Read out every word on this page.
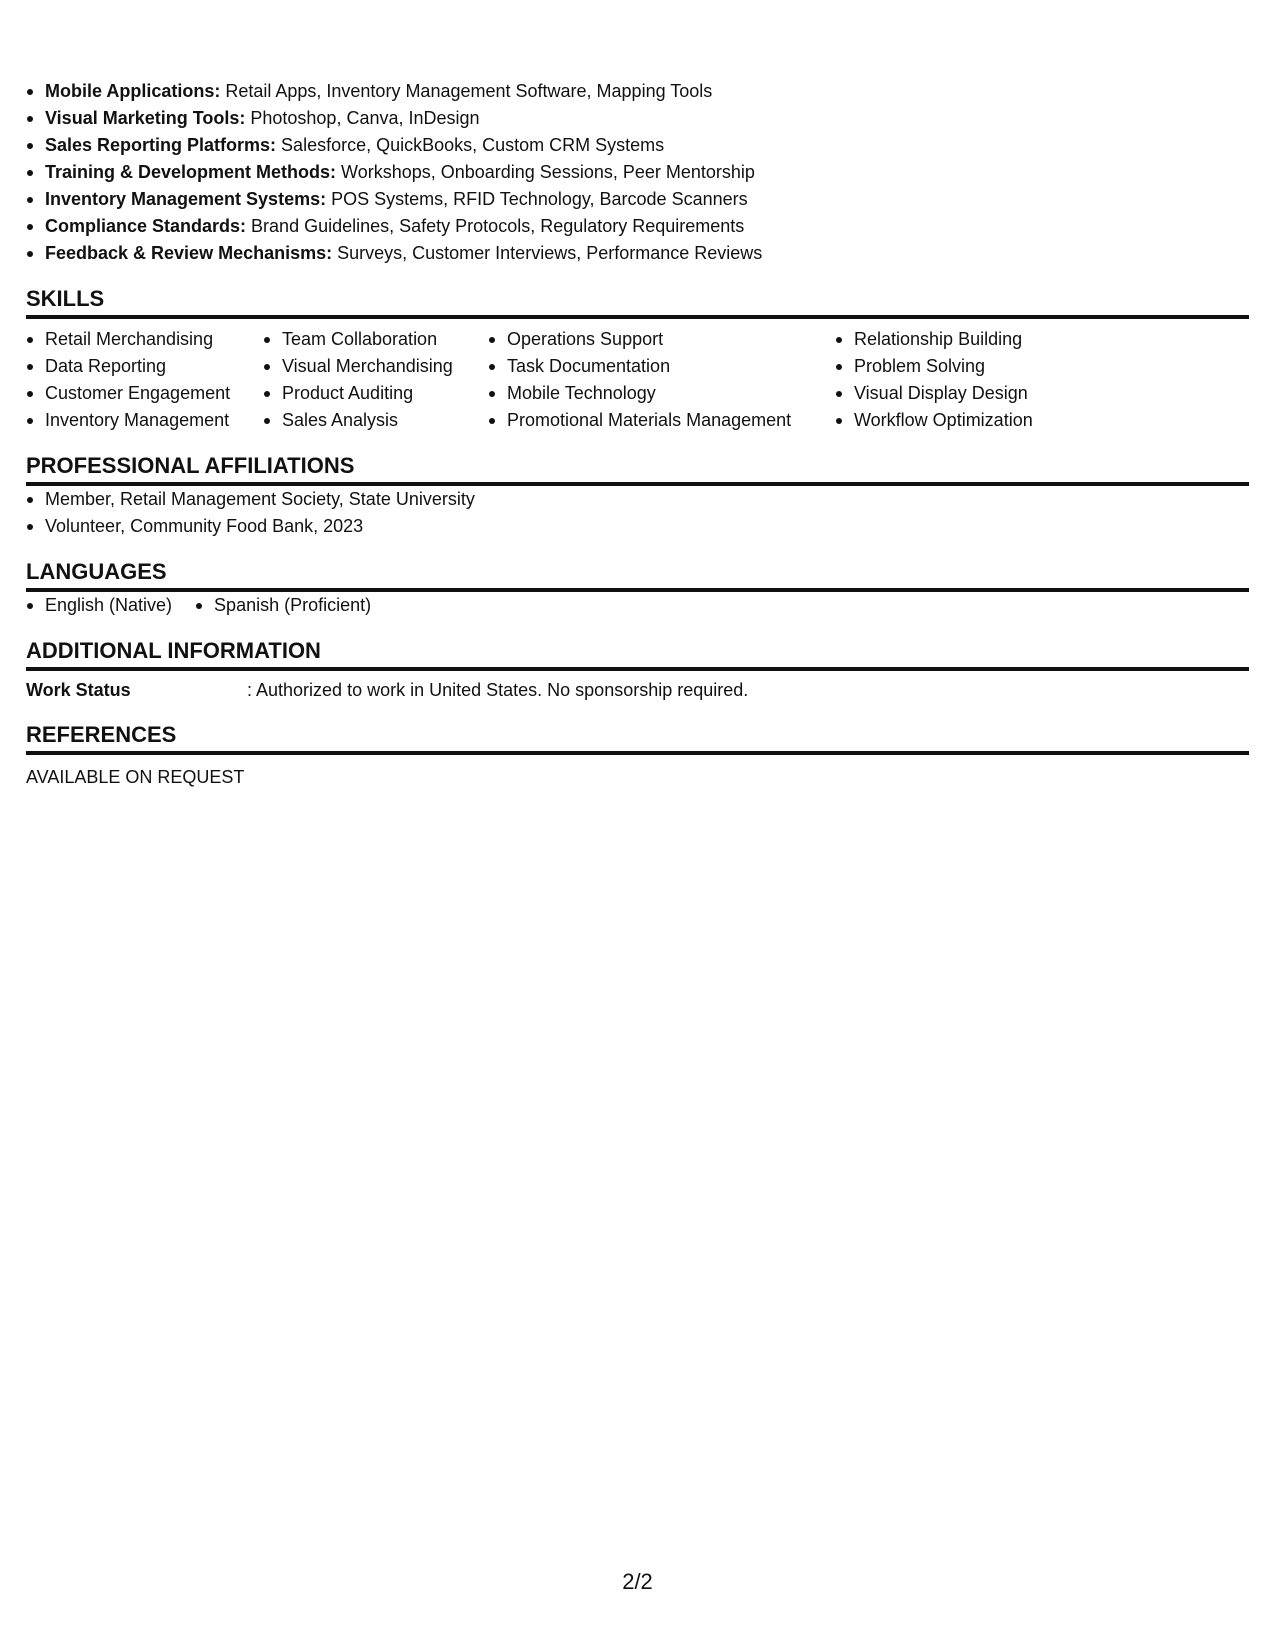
Mobile Applications: Retail Apps, Inventory Management Software, Mapping Tools
Visual Marketing Tools: Photoshop, Canva, InDesign
Sales Reporting Platforms: Salesforce, QuickBooks, Custom CRM Systems
Training & Development Methods: Workshops, Onboarding Sessions, Peer Mentorship
Inventory Management Systems: POS Systems, RFID Technology, Barcode Scanners
Compliance Standards: Brand Guidelines, Safety Protocols, Regulatory Requirements
Feedback & Review Mechanisms: Surveys, Customer Interviews, Performance Reviews
SKILLS
Retail Merchandising
Data Reporting
Customer Engagement
Inventory Management
Team Collaboration
Visual Merchandising
Product Auditing
Sales Analysis
Operations Support
Task Documentation
Mobile Technology
Promotional Materials Management
Relationship Building
Problem Solving
Visual Display Design
Workflow Optimization
PROFESSIONAL AFFILIATIONS
Member, Retail Management Society, State University
Volunteer, Community Food Bank, 2023
LANGUAGES
English (Native)	Spanish (Proficient)
ADDITIONAL INFORMATION
Work Status	: Authorized to work in United States. No sponsorship required.
REFERENCES
AVAILABLE ON REQUEST
2/2
